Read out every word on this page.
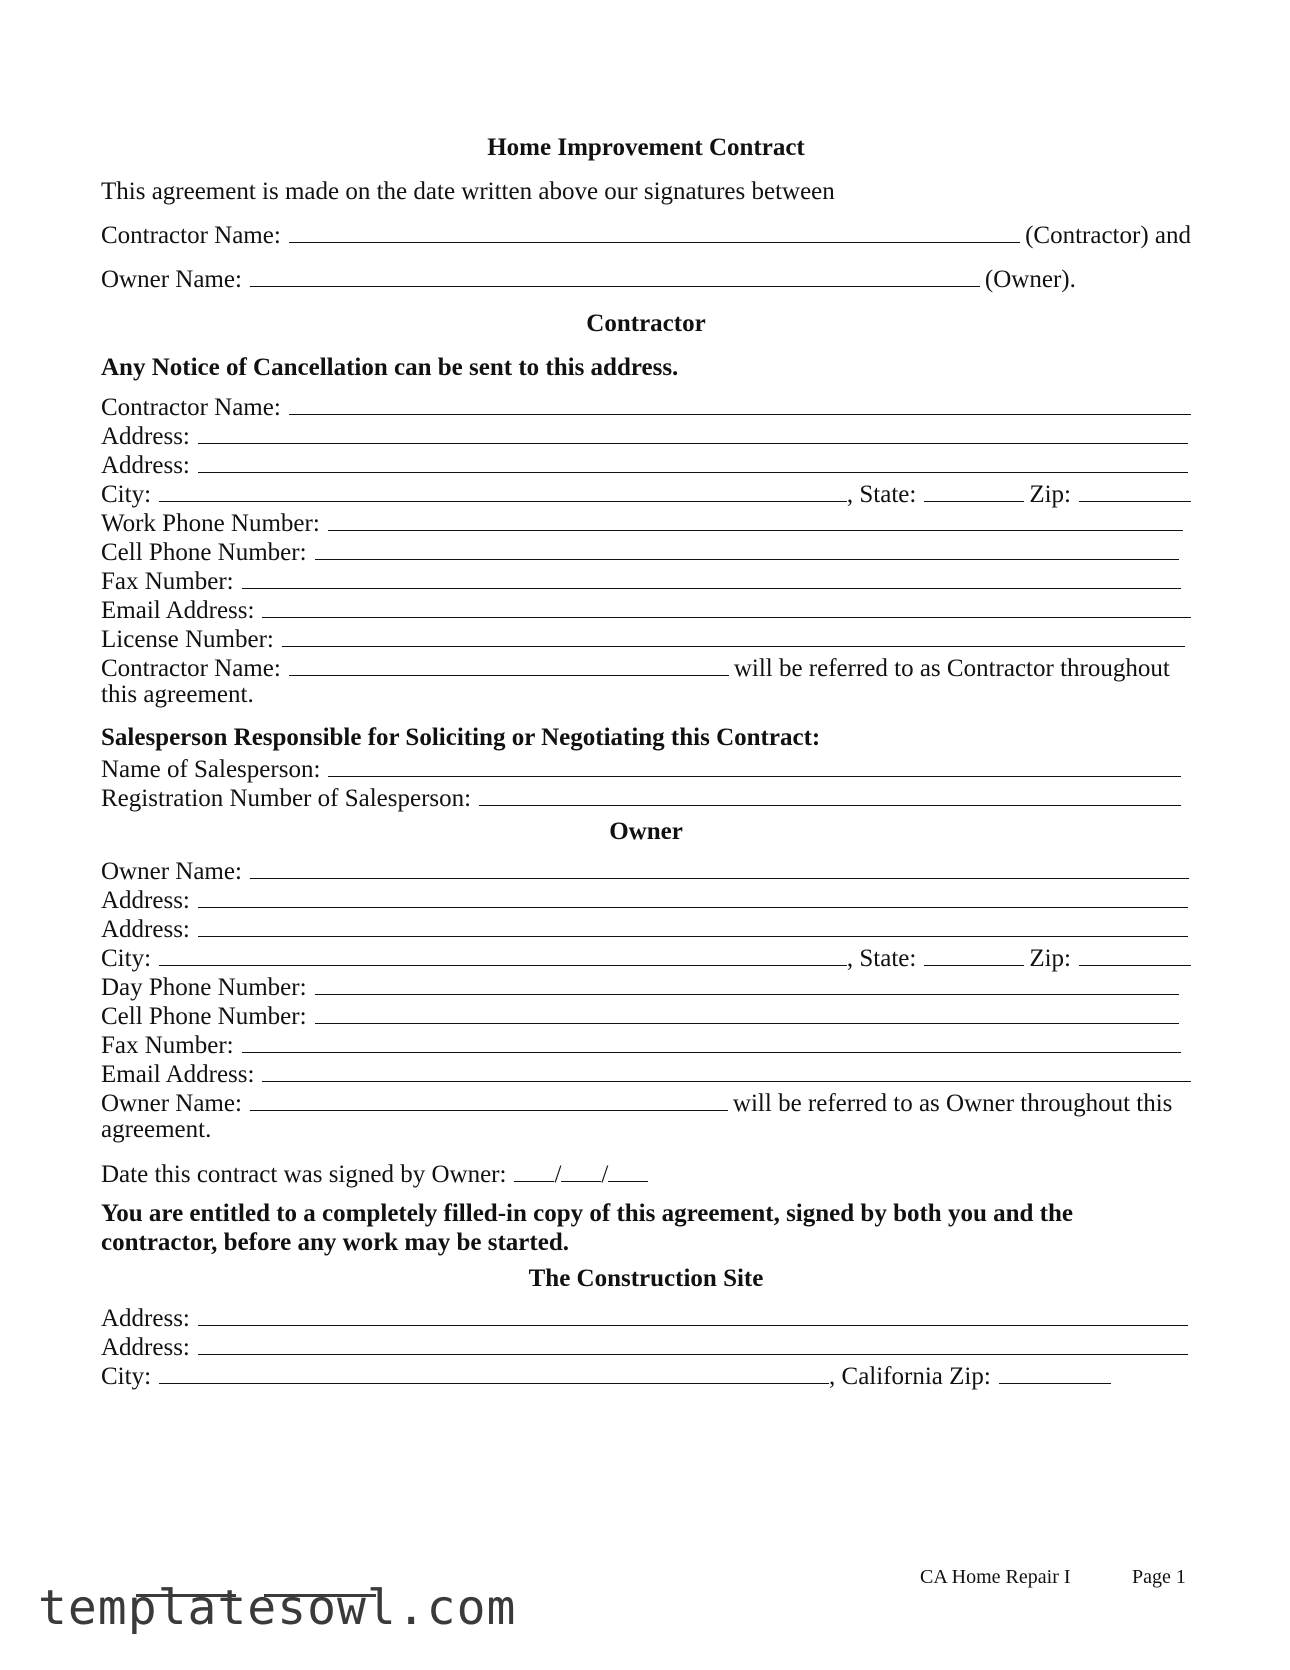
Home Improvement Contract
This agreement is made on the date written above our signatures between
Contractor Name:	(Contractor) and
Owner Name:	(Owner).
Contractor
Any Notice of Cancellation can be sent to this address.
Contractor Name:
Address:
Address:
City:	, State:	Zip:
Work Phone Number:
Cell Phone Number:
Fax Number:
Email Address:
License Number:
Contractor Name:	will be referred to as Contractor throughout
this agreement.
Salesperson Responsible for Soliciting or Negotiating this Contract:
Name of Salesperson:
Registration Number of Salesperson:
Owner
Owner Name:
Address:
Address:
City:	, State:	Zip:
Day Phone Number:
Cell Phone Number:
Fax Number:
Email Address:
Owner Name:	will be referred to as Owner throughout this
agreement.
Date this contract was signed by Owner:	/ /
You are entitled to a completely filled-in copy of this agreement, signed by both you and the contractor, before any work may be started.
The Construction Site
Address:
Address:
City:	, California Zip:
CA Home Repair I	Page 1
templatesowl.com
